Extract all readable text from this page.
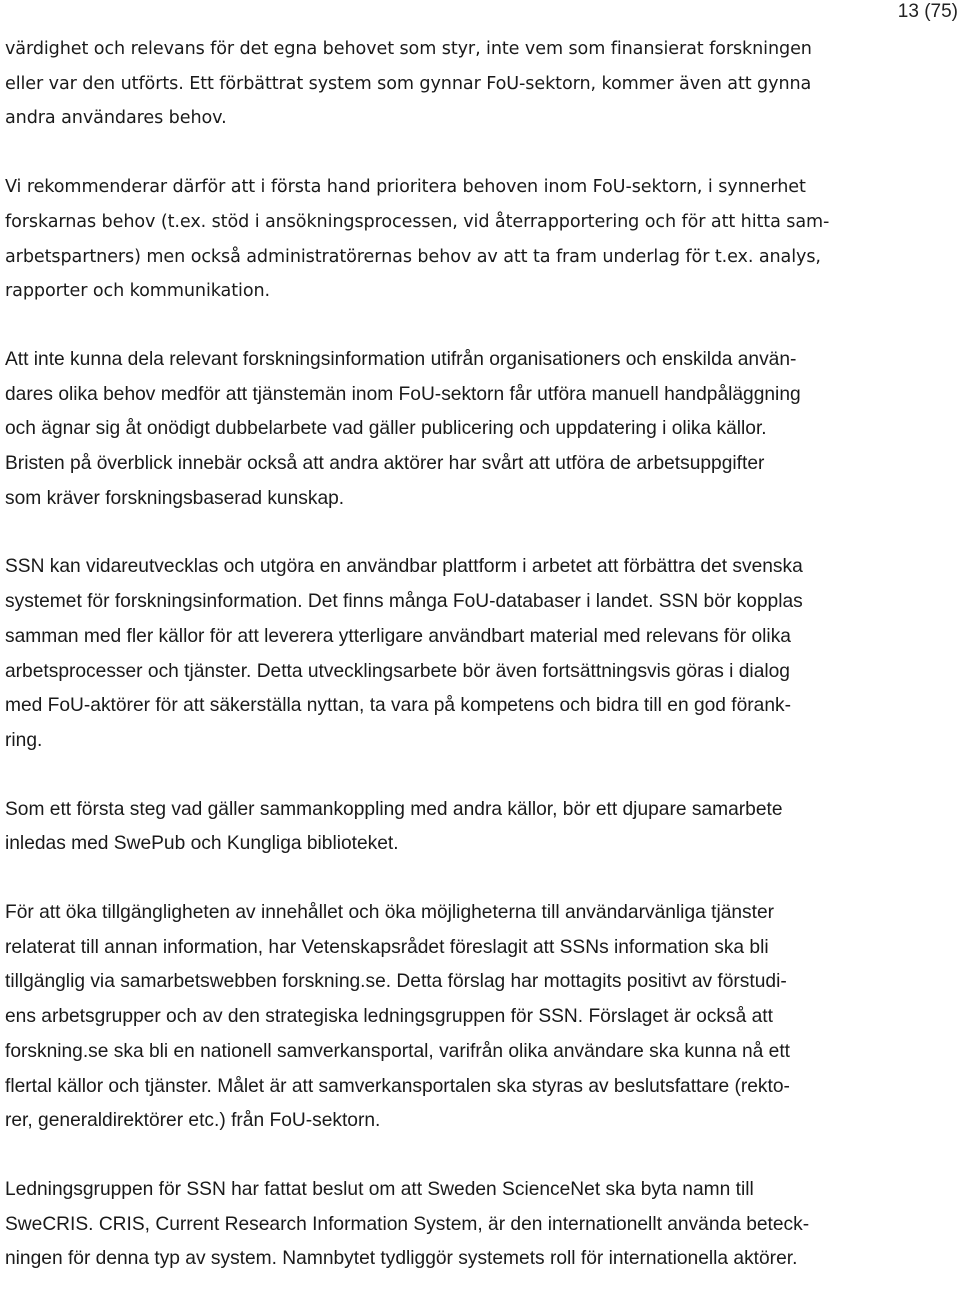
13 (75)

värdighet och relevans för det egna behovet som styr, inte vem som finansierat forskningen
eller var den utförts. Ett förbättrat system som gynnar FoU-sektorn, kommer även att gynna
andra användares behov.

Vi rekommenderar därför att i första hand prioritera behoven inom FoU-sektorn, i synnerhet
forskarnas behov (t.ex. stöd i ansökningsprocessen, vid återrapportering och för att hitta sam-
arbetspartners) men också administratörernas behov av att ta fram underlag för t.ex. analys,
rapporter och kommunikation.

Att inte kunna dela relevant forskningsinformation utifrån organisationers och enskilda använ-
dares olika behov medför att tjänstemän inom FoU-sektorn får utföra manuell handpåläggning
och ägnar sig åt onödigt dubbelarbete vad gäller publicering och uppdatering i olika källor.
Bristen på överblick innebär också att andra aktörer har svårt att utföra de arbetsuppgifter
som kräver forskningsbaserad kunskap.

SSN kan vidareutvecklas och utgöra en användbar plattform i arbetet att förbättra det svenska
systemet för forskningsinformation. Det finns många FoU-databaser i landet. SSN bör kopplas
samman med fler källor för att leverera ytterligare användbart material med relevans för olika
arbetsprocesser och tjänster. Detta utvecklingsarbete bör även fortsättningsvis göras i dialog
med FoU-aktörer för att säkerställa nyttan, ta vara på kompetens och bidra till en god förank-
ring.

Som ett första steg vad gäller sammankoppling med andra källor, bör ett djupare samarbete
inledas med SwePub och Kungliga biblioteket.

För att öka tillgängligheten av innehållet och öka möjligheterna till användarvänliga tjänster
relaterat till annan information, har Vetenskapsrådet föreslagit att SSNs information ska bli
tillgänglig via samarbetswebben forskning.se. Detta förslag har mottagits positivt av förstudi-
ens arbetsgrupper och av den strategiska ledningsgruppen för SSN. Förslaget är också att
forskning.se ska bli en nationell samverkansportal, varifrån olika användare ska kunna nå ett
flertal källor och tjänster. Målet är att samverkansportalen ska styras av beslutsfattare (rekto-
rer, generaldirektörer etc.) från FoU-sektorn.

Ledningsgruppen för SSN har fattat beslut om att Sweden ScienceNet ska byta namn till
SweCRIS. CRIS, Current Research Information System, är den internationellt använda beteck-
ningen för denna typ av system. Namnbytet tydliggör systemets roll för internationella aktörer.
